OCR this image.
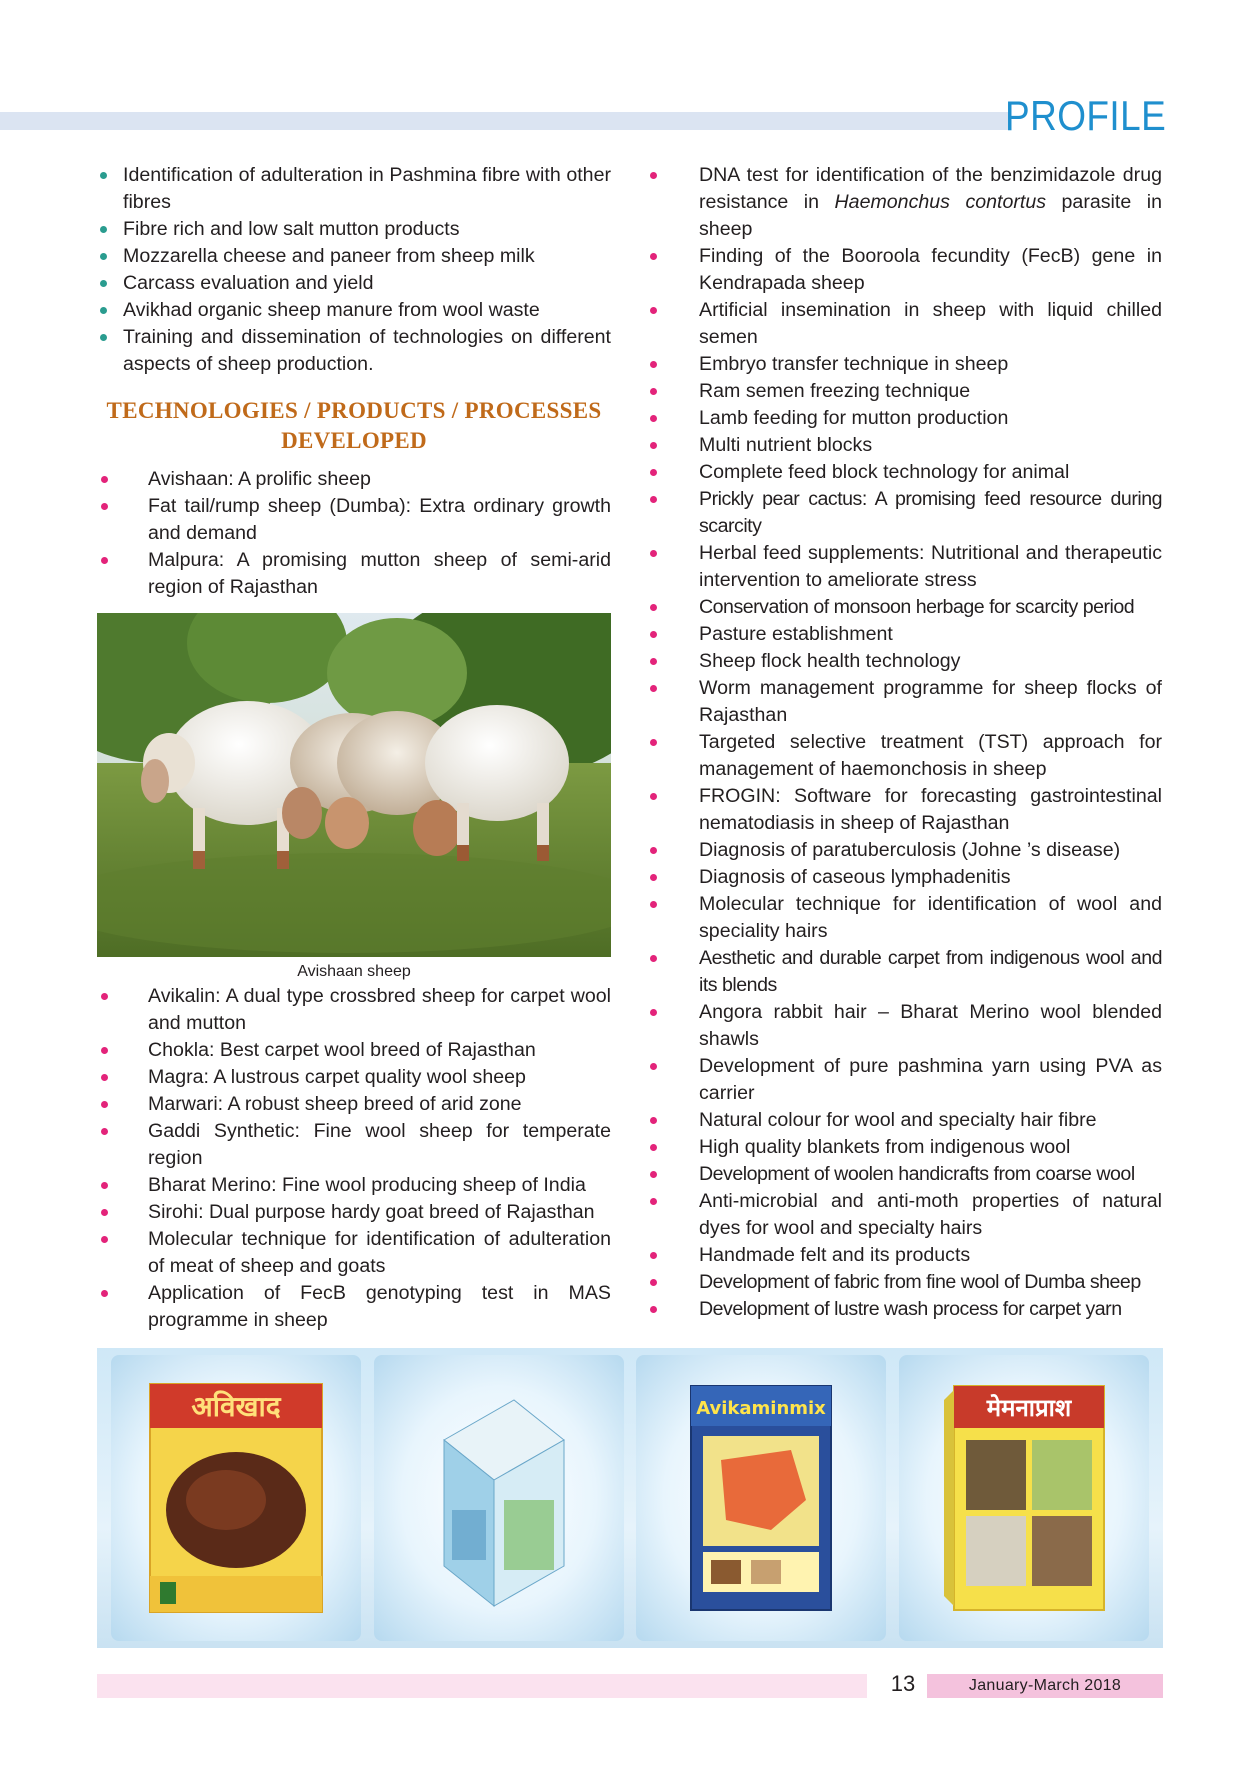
PROFILE
Identification of adulteration in Pashmina fibre with other fibres
Fibre rich and low salt mutton products
Mozzarella cheese and paneer from sheep milk
Carcass evaluation and yield
Avikhad organic sheep manure from wool waste
Training and dissemination of technologies on different aspects of sheep production.
TECHNOLOGIES / PRODUCTS / PROCESSES
DEVELOPED
Avishaan: A prolific sheep
Fat tail/rump sheep (Dumba): Extra ordinary growth and demand
Malpura: A promising mutton sheep of semi-arid region of Rajasthan
Avishaan sheep
Avikalin: A dual type crossbred sheep for carpet wool and mutton
Chokla: Best carpet wool breed of Rajasthan
Magra: A lustrous carpet quality wool sheep
Marwari: A robust sheep breed of arid zone
Gaddi Synthetic: Fine wool sheep for temperate region
Bharat Merino: Fine wool producing sheep of India
Sirohi: Dual purpose hardy goat breed of Rajasthan
Molecular technique for identification of adulteration of meat of sheep and goats
Application of FecB genotyping test in MAS programme in sheep
DNA test for identification of the benzimidazole drug resistance in Haemonchus contortus parasite in sheep
Finding of the Booroola fecundity (FecB) gene in Kendrapada sheep
Artificial insemination in sheep with liquid chilled semen
Embryo transfer technique in sheep
Ram semen freezing technique
Lamb feeding for mutton production
Multi nutrient blocks
Complete feed block technology for animal
Prickly pear cactus: A promising feed resource during scarcity
Herbal feed supplements: Nutritional and therapeutic intervention to ameliorate stress
Conservation of monsoon herbage for scarcity period
Pasture establishment
Sheep flock health technology
Worm management programme for sheep flocks of Rajasthan
Targeted selective treatment (TST) approach for management of haemonchosis in sheep
FROGIN: Software for forecasting gastrointestinal nematodiasis in sheep of Rajasthan
Diagnosis of paratuberculosis (Johne ’s disease)
Diagnosis of caseous lymphadenitis
Molecular technique for identification of wool and speciality hairs
Aesthetic and durable carpet from indigenous wool and its blends
Angora rabbit hair – Bharat Merino wool blended shawls
Development of pure pashmina yarn using PVA as carrier
Natural colour for wool and specialty hair fibre
High quality blankets from indigenous wool
Development of woolen handicrafts from coarse wool
Anti-microbial and anti-moth properties of natural dyes for wool and specialty hairs
Handmade felt and its products
Development of fabric from fine wool of Dumba sheep
Development of lustre wash process for carpet yarn
अविखाद	Avikaminmix	मेमनाप्राश
13	January-March 2018
